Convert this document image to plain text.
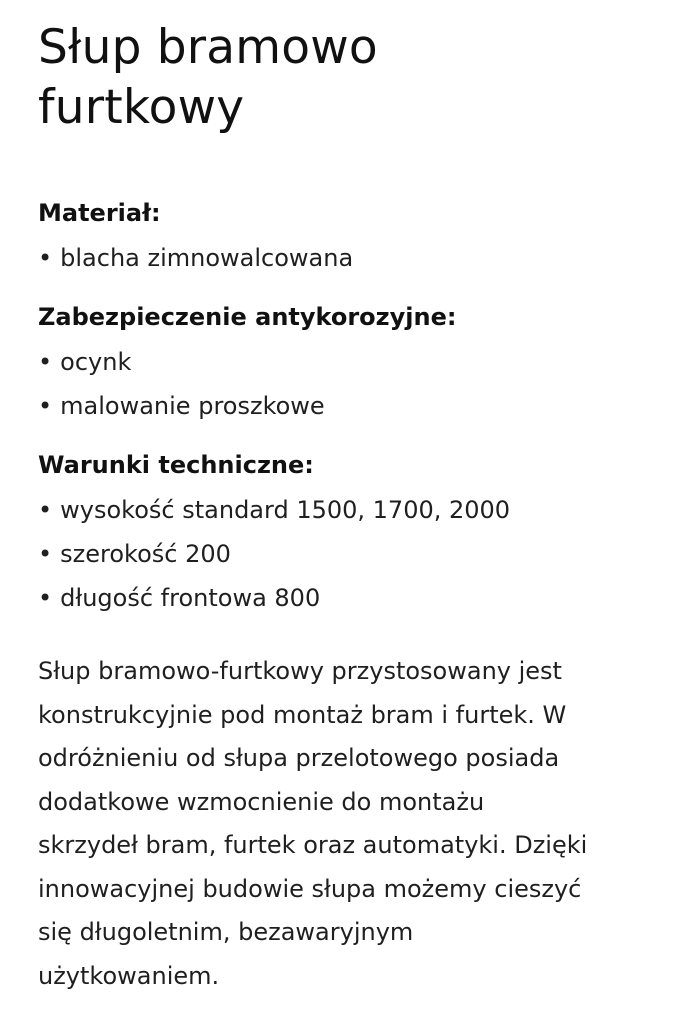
Słup bramowo
furtkowy
Materiał:
• blacha zimnowalcowana
Zabezpieczenie antykorozyjne:
• ocynk
• malowanie proszkowe
Warunki techniczne:
• wysokość standard 1500, 1700, 2000
• szerokość 200
• długość frontowa 800

Słup bramowo-furtkowy przystosowany jest
konstrukcyjnie pod montaż bram i furtek. W
odróżnieniu od słupa przelotowego posiada
dodatkowe wzmocnienie do montażu
skrzydeł bram, furtek oraz automatyki. Dzięki
innowacyjnej budowie słupa możemy cieszyć
się długoletnim, bezawaryjnym
użytkowaniem.
